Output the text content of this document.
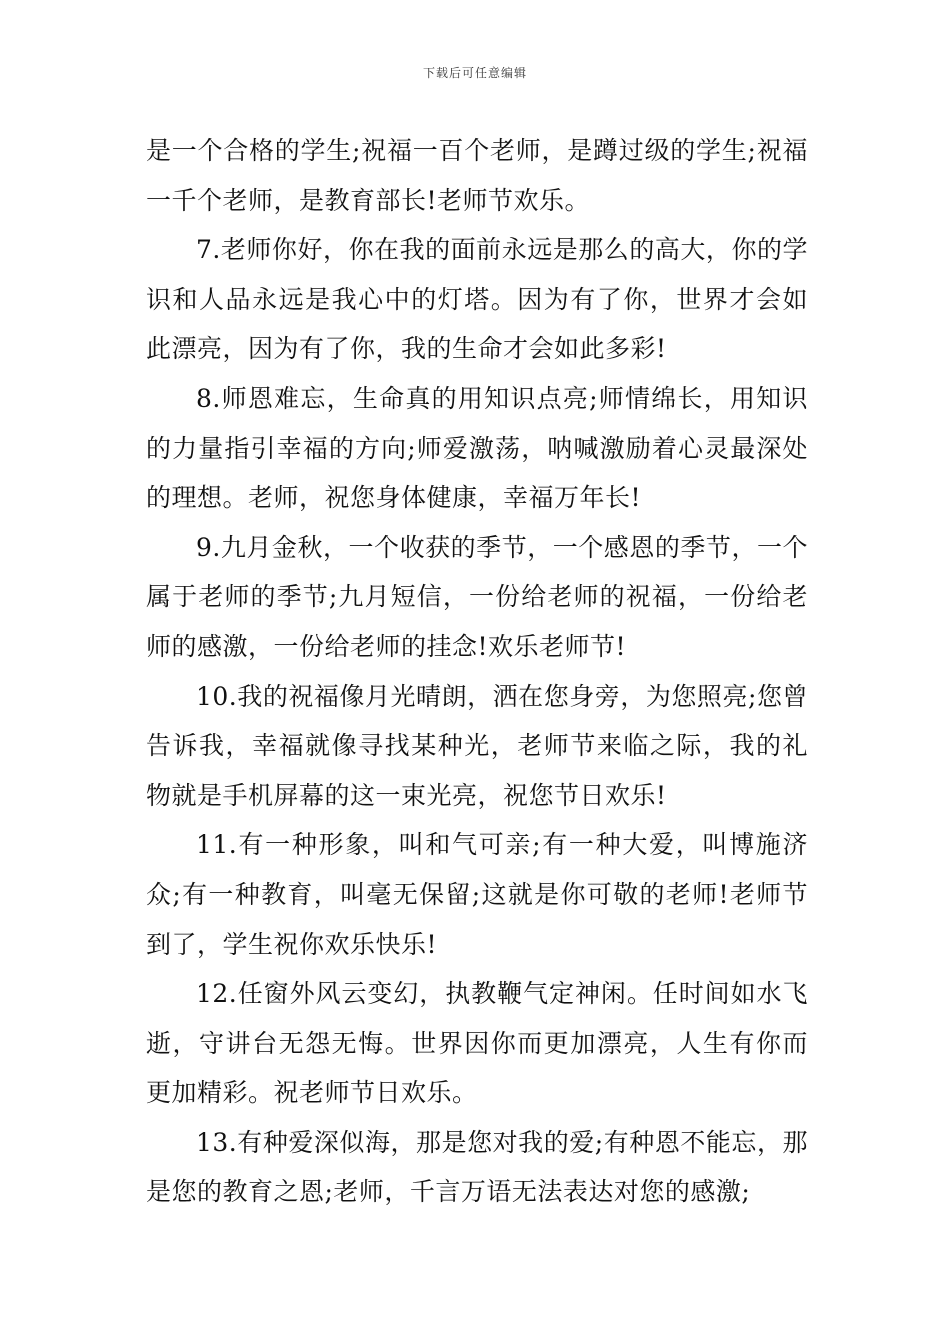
下载后可任意编辑

是一个合格的学生;祝福一百个老师，是蹲过级的学生;祝福一千个老师，是教育部长!老师节欢乐。

7.老师你好，你在我的面前永远是那么的高大，你的学识和人品永远是我心中的灯塔。因为有了你，世界才会如此漂亮，因为有了你，我的生命才会如此多彩!

8.师恩难忘，生命真的用知识点亮;师情绵长，用知识的力量指引幸福的方向;师爱激荡，呐喊激励着心灵最深处的理想。老师，祝您身体健康，幸福万年长!

9.九月金秋，一个收获的季节，一个感恩的季节，一个属于老师的季节;九月短信，一份给老师的祝福，一份给老师的感激，一份给老师的挂念!欢乐老师节!

10.我的祝福像月光晴朗，洒在您身旁，为您照亮;您曾告诉我，幸福就像寻找某种光，老师节来临之际，我的礼物就是手机屏幕的这一束光亮，祝您节日欢乐!

11.有一种形象，叫和气可亲;有一种大爱，叫博施济众;有一种教育，叫毫无保留;这就是你可敬的老师!老师节到了，学生祝你欢乐快乐!

12.任窗外风云变幻，执教鞭气定神闲。任时间如水飞逝，守讲台无怨无悔。世界因你而更加漂亮，人生有你而更加精彩。祝老师节日欢乐。

13.有种爱深似海，那是您对我的爱;有种恩不能忘，那是您的教育之恩;老师，千言万语无法表达对您的感激;
